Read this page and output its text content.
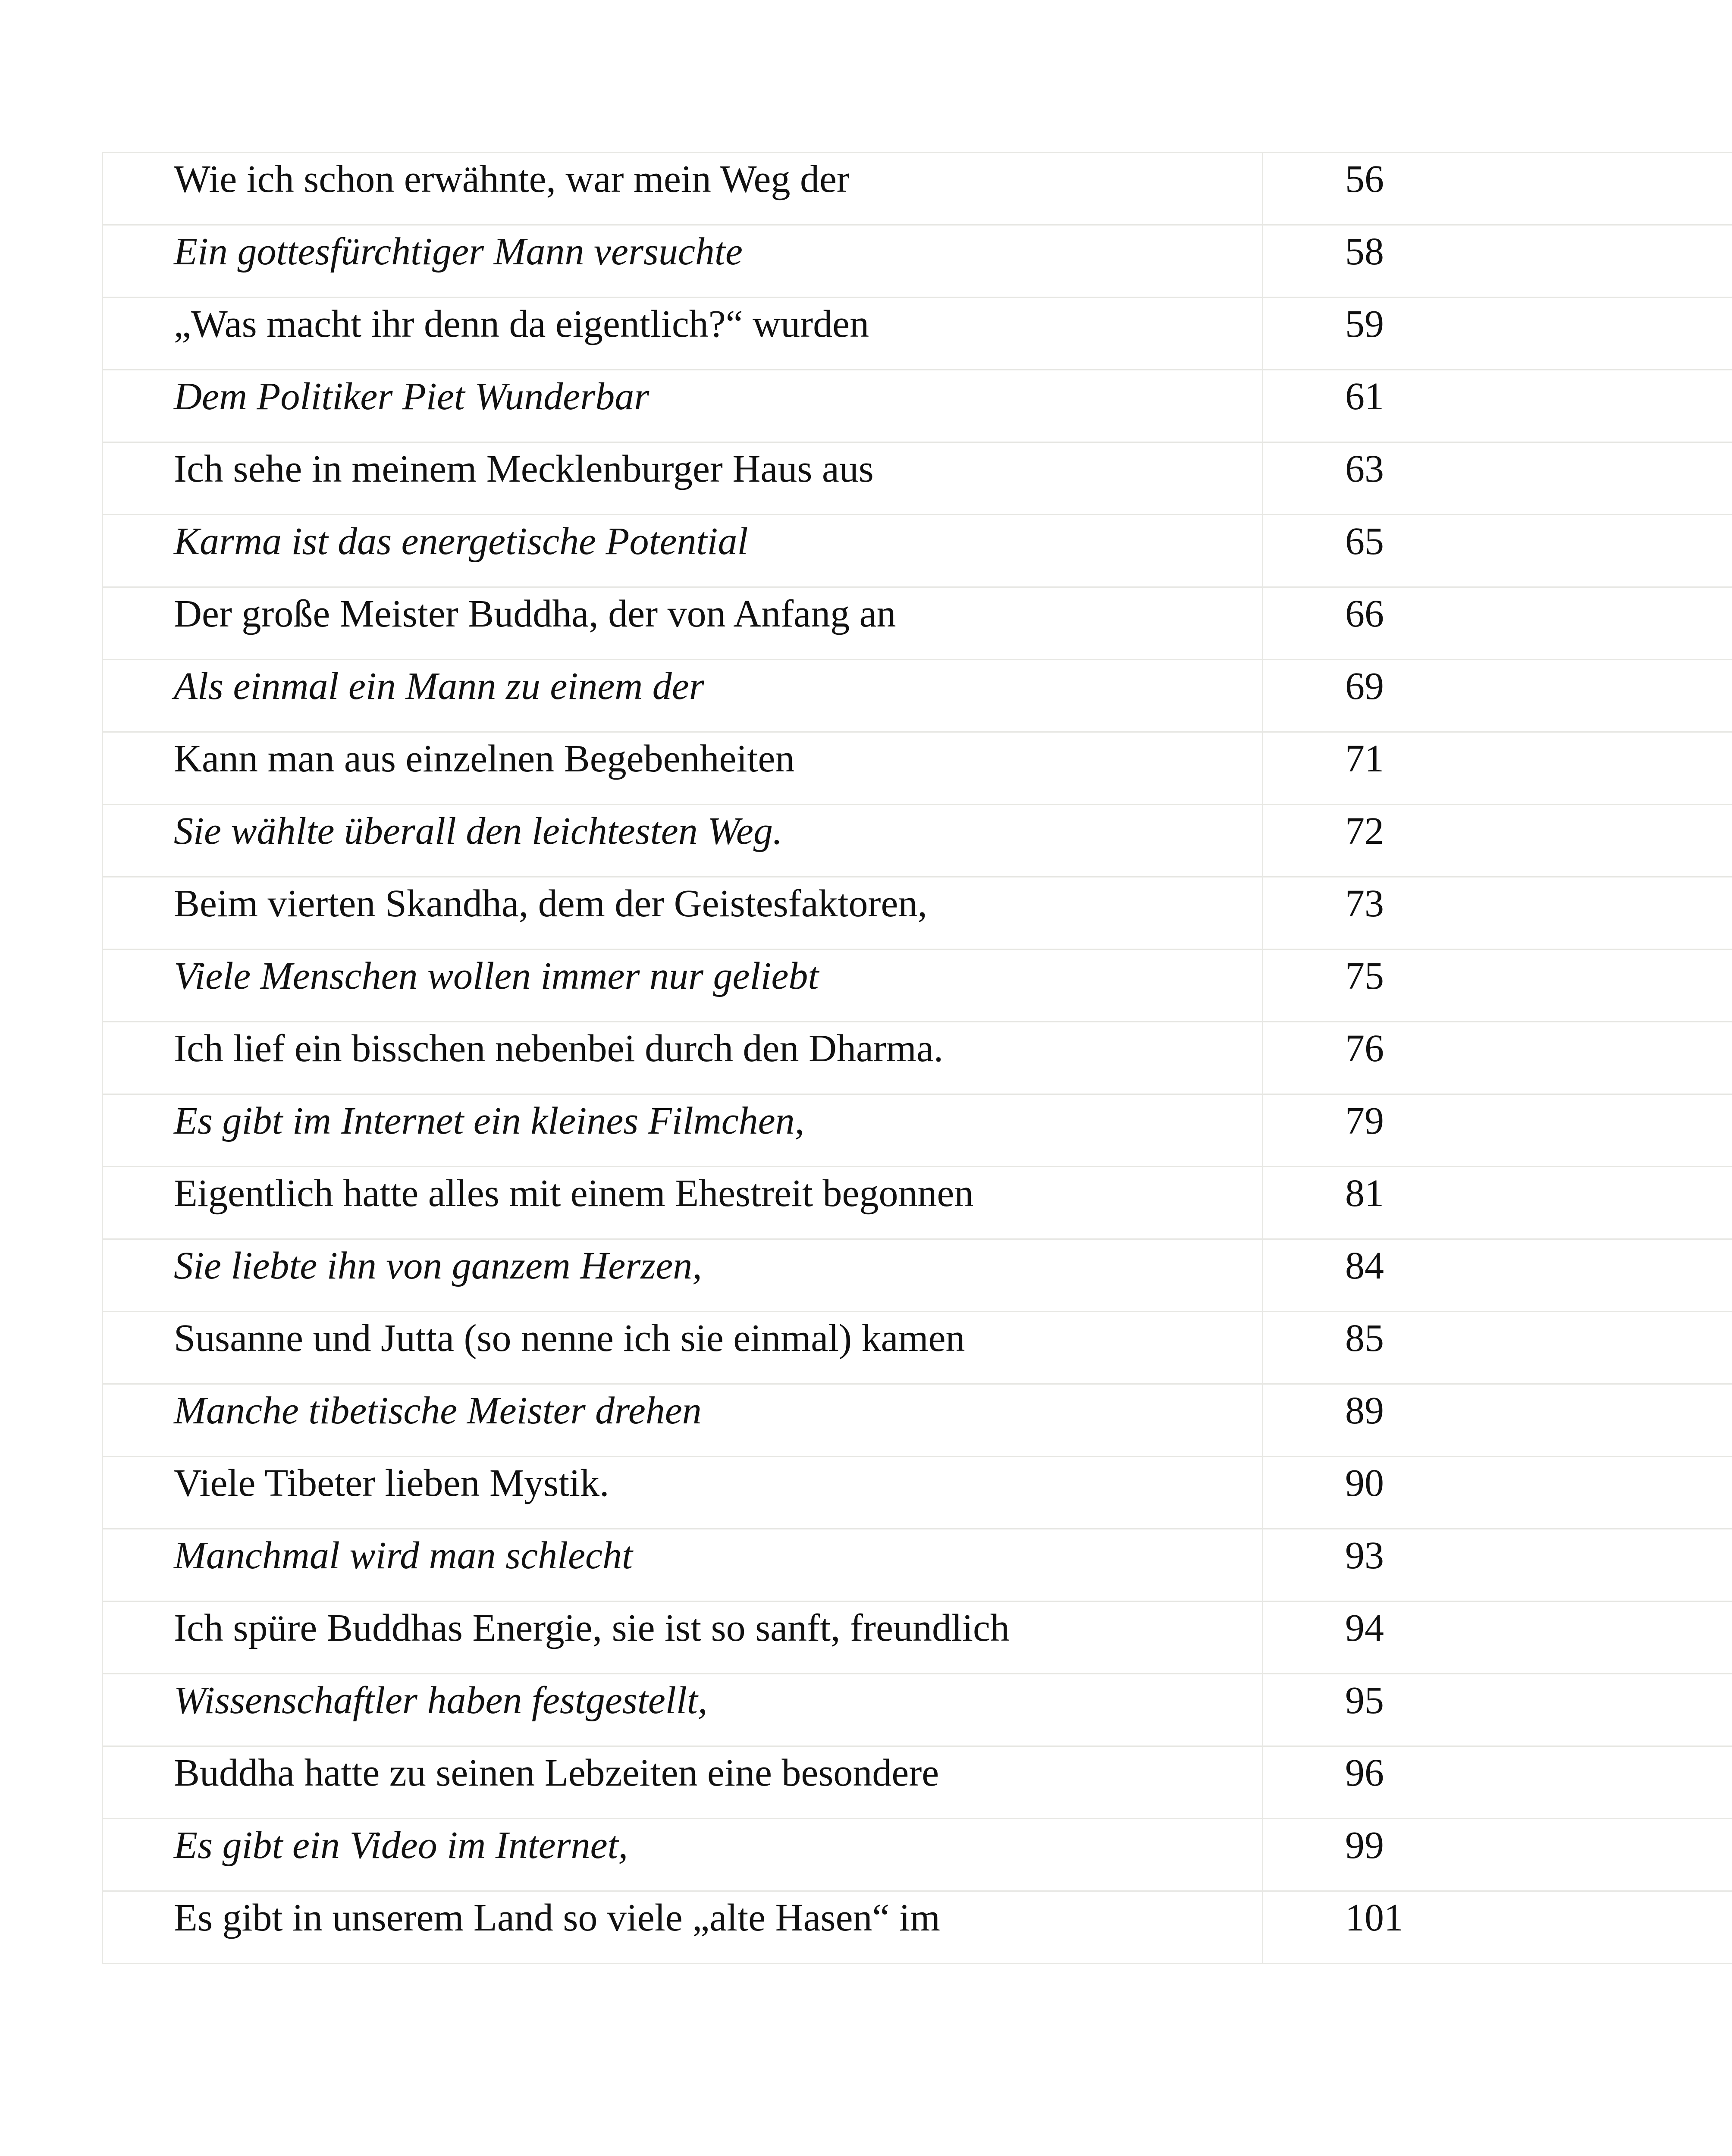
Wie ich schon erwähnte, war mein Weg der	56
Ein gottesfürchtiger Mann versuchte	58
„Was macht ihr denn da eigentlich?“ wurden	59
Dem Politiker Piet Wunderbar	61
Ich sehe in meinem Mecklenburger Haus aus	63
Karma ist das energetische Potential	65
Der große Meister Buddha, der von Anfang an	66
Als einmal ein Mann zu einem der	69
Kann man aus einzelnen Begebenheiten	71
Sie wählte überall den leichtesten Weg.	72
Beim vierten Skandha, dem der Geistesfaktoren,	73
Viele Menschen wollen immer nur geliebt	75
Ich lief ein bisschen nebenbei durch den Dharma.	76
Es gibt im Internet ein kleines Filmchen,	79
Eigentlich hatte alles mit einem Ehestreit begonnen	81
Sie liebte ihn von ganzem Herzen,	84
Susanne und Jutta (so nenne ich sie einmal) kamen	85
Manche tibetische Meister drehen	89
Viele Tibeter lieben Mystik.	90
Manchmal wird man schlecht	93
Ich spüre Buddhas Energie, sie ist so sanft, freundlich	94
Wissenschaftler haben festgestellt,	95
Buddha hatte zu seinen Lebzeiten eine besondere	96
Es gibt ein Video im Internet,	99
Es gibt in unserem Land so viele „alte Hasen“ im	101
